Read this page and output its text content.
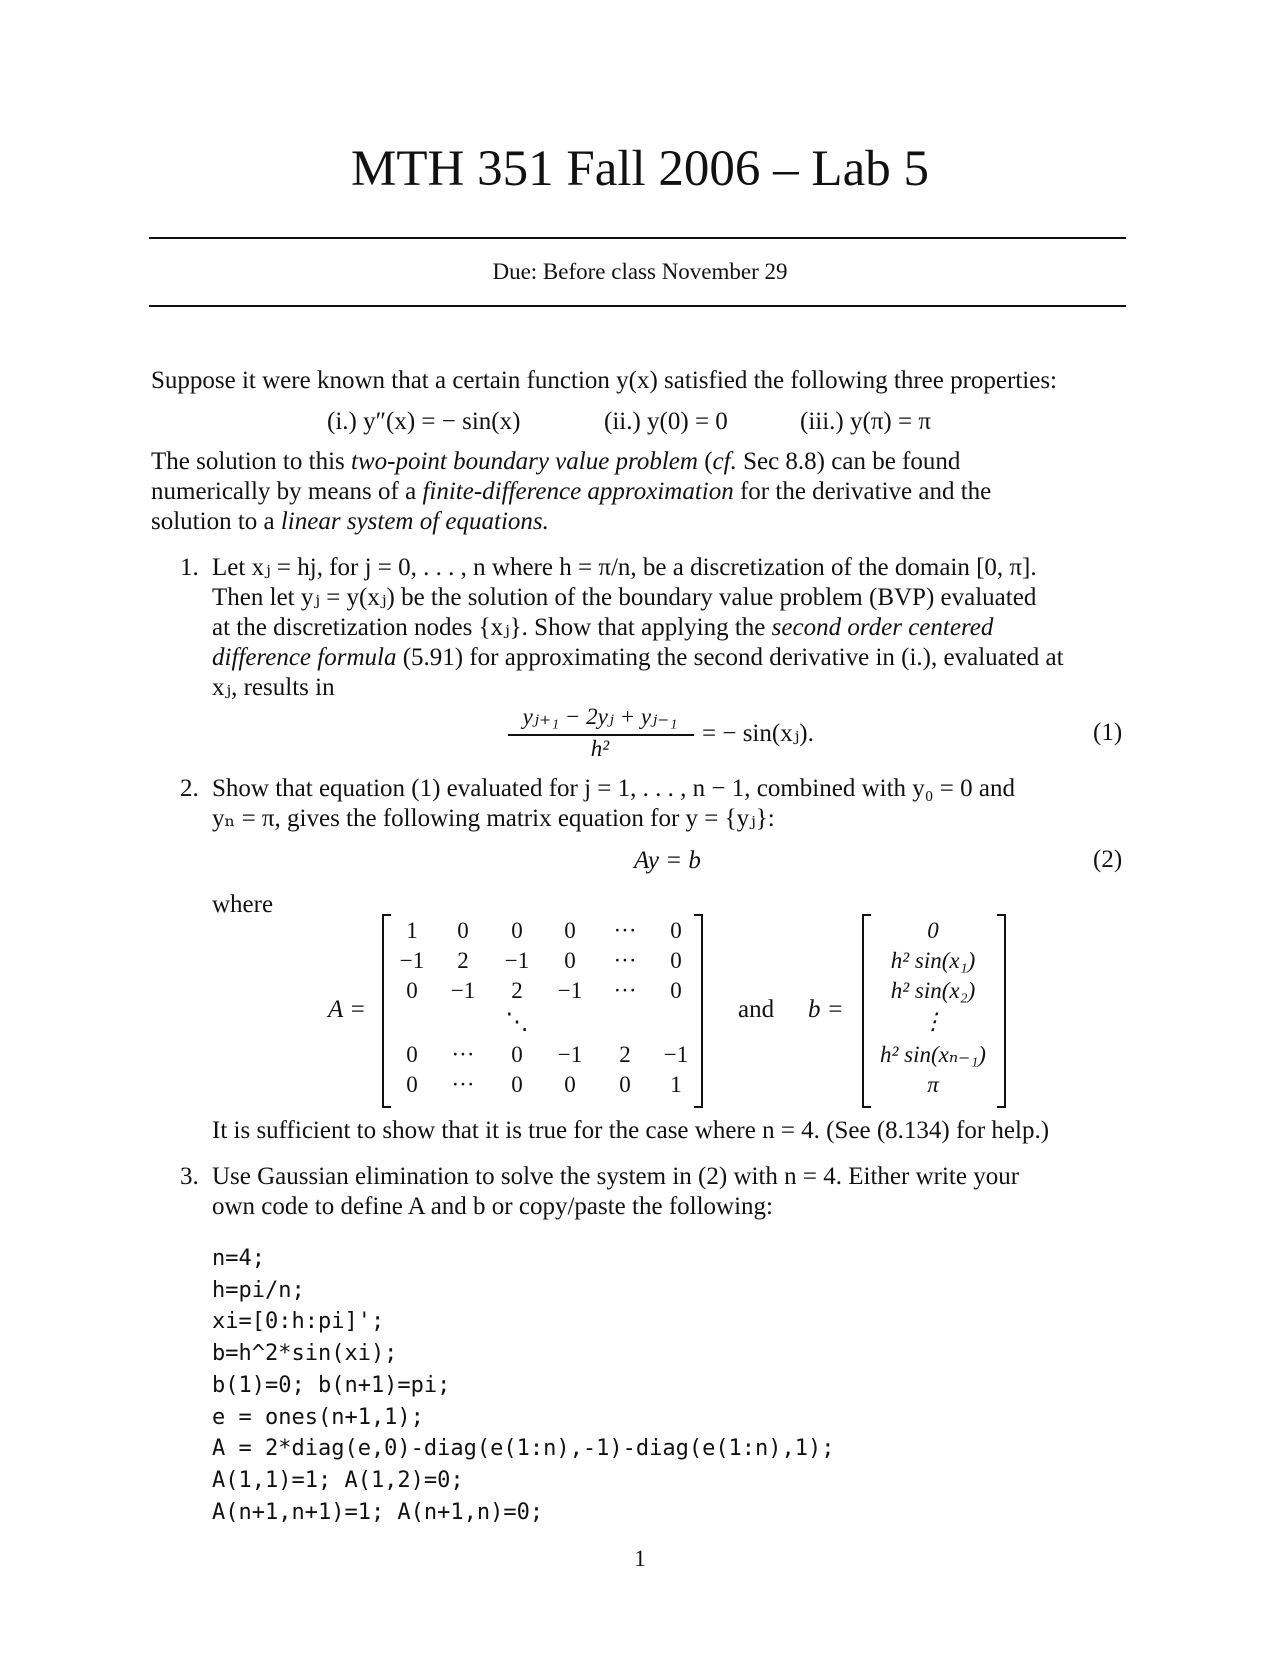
MTH 351 Fall 2006 – Lab 5
Due: Before class November 29
Suppose it were known that a certain function y(x) satisfied the following three properties:
(i.) y″(x) = − sin(x)	(ii.) y(0) = 0	(iii.) y(π) = π
The solution to this two-point boundary value problem (cf. Sec 8.8) can be found
numerically by means of a finite-difference approximation for the derivative and the
solution to a linear system of equations.
1. Let xⱼ = hj, for j = 0, . . . , n where h = π/n, be a discretization of the domain [0, π].
Then let yⱼ = y(xⱼ) be the solution of the boundary value problem (BVP) evaluated
at the discretization nodes {xⱼ}. Show that applying the second order centered
difference formula (5.91) for approximating the second derivative in (i.), evaluated at
xⱼ, results in
yⱼ₊₁ − 2yⱼ + yⱼ₋₁
h²
= − sin(xⱼ).	(1)
2. Show that equation (1) evaluated for j = 1, . . . , n − 1, combined with y₀ = 0 and
yₙ = π, gives the following matrix equation for y = {yⱼ}:
Ay = b	(2)
where
A =
1	0	0	0	···	0
−1	2	−1	0	···	0
0	−1	2	−1	···	0
⋱
0	···	0	−1	2	−1
0	···	0	0	0	1
and b =
0
h² sin(x₁)
h² sin(x₂)
⋮
h² sin(xₙ₋₁)
π
It is sufficient to show that it is true for the case where n = 4. (See (8.134) for help.)
3. Use Gaussian elimination to solve the system in (2) with n = 4. Either write your
own code to define A and b or copy/paste the following:
n=4;
h=pi/n;
xi=[0:h:pi]';
b=h^2*sin(xi);
b(1)=0; b(n+1)=pi;
e = ones(n+1,1);
A = 2*diag(e,0)-diag(e(1:n),-1)-diag(e(1:n),1);
A(1,1)=1; A(1,2)=0;
A(n+1,n+1)=1; A(n+1,n)=0;
1
